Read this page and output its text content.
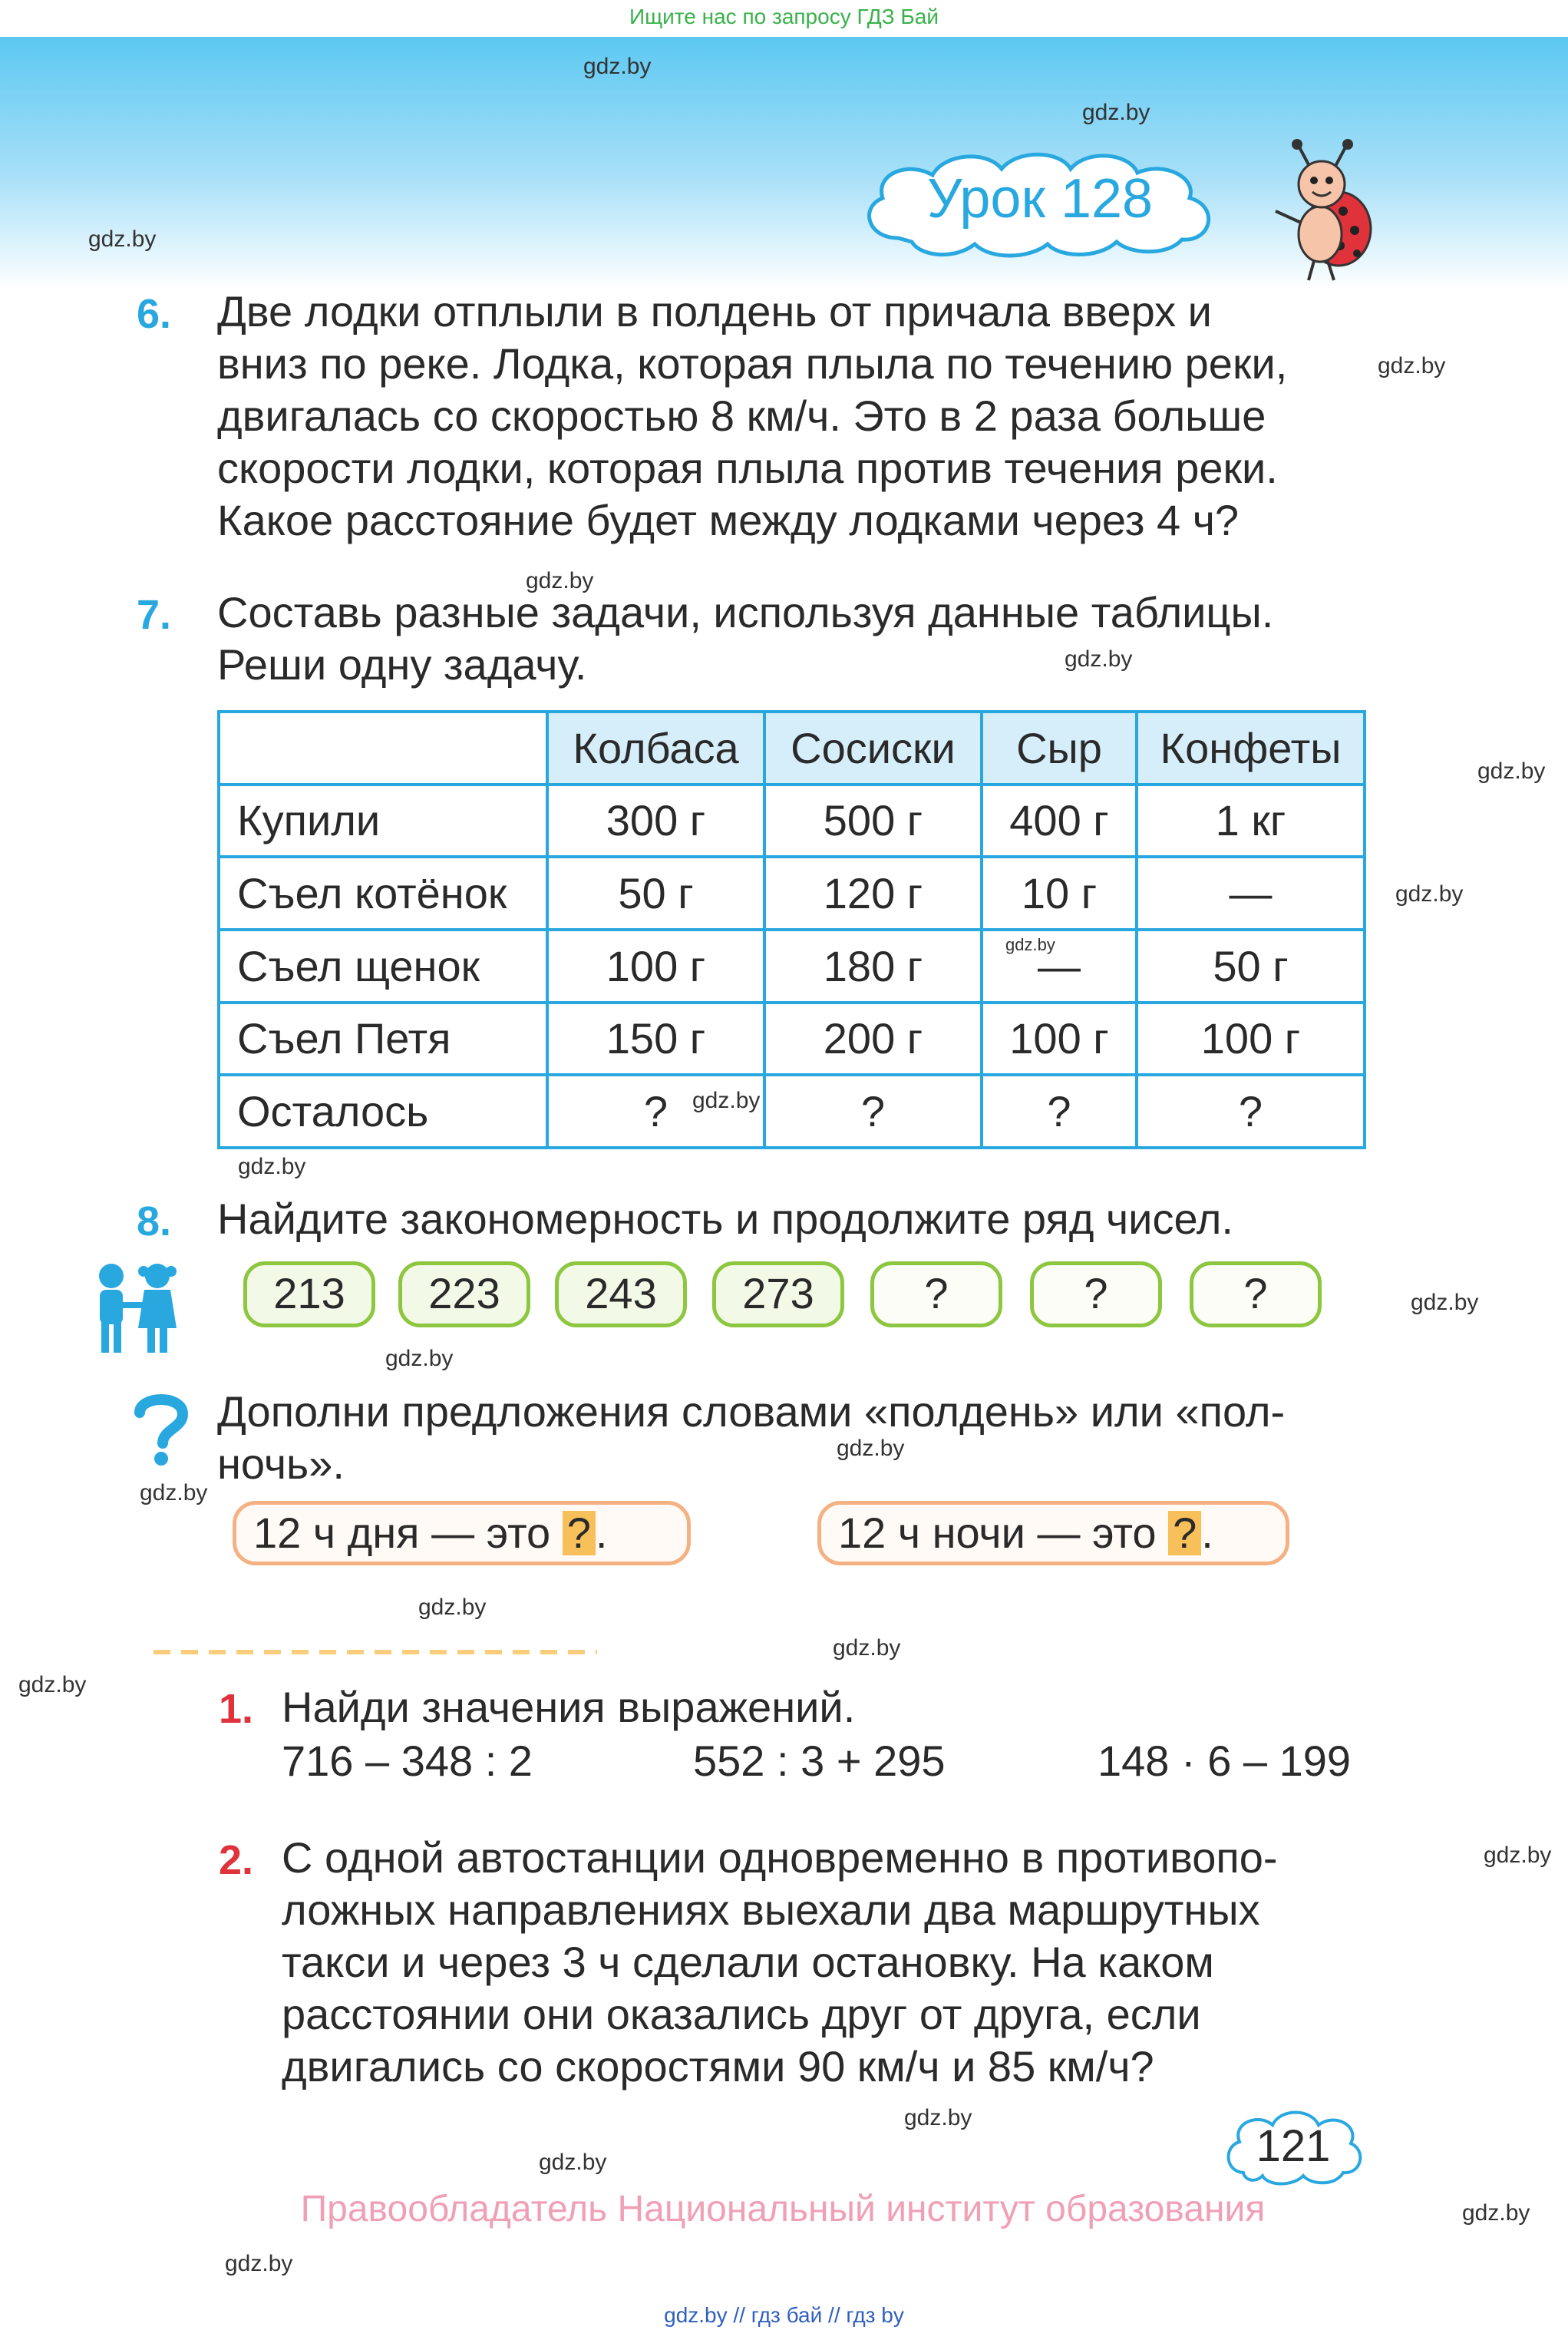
Ищите нас по запросу ГДЗ Бай
gdz.by
gdz.by
gdz.by
gdz.by
gdz.by
gdz.by
gdz.by
gdz.by
gdz.by
gdz.by
gdz.by
gdz.by
gdz.by
gdz.by
gdz.by
gdz.by
gdz.by
gdz.by
gdz.by
gdz.by
gdz.by
gdz.by
gdz.by
Урок 128
6. Две лодки отплыли в полдень от причала вверх и
вниз по реке. Лодка, которая плыла по течению реки,
двигалась со скоростью 8 км/ч. Это в 2 раза больше
скорости лодки, которая плыла против течения реки.
Какое расстояние будет между лодками через 4 ч?
7. Составь разные задачи, используя данные таблицы.
Реши одну задачу.
	Колбаса	Сосиски	Сыр	Конфеты
Купили	300 г	500 г	400 г	1 кг
Съел котёнок	50 г	120 г	10 г	—
Съел щенок	100 г	180 г	—	50 г
Съел Петя	150 г	200 г	100 г	100 г
Осталось	?	?	?	?
8. Найдите закономерность и продолжите ряд чисел.
213	223	243	273	?	?	?
Дополни предложения словами «полдень» или «пол-
ночь».
12 ч дня — это ? .	12 ч ночи — это ? .
1. Найди значения выражений.
716 – 348 : 2	552 : 3 + 295	148 · 6 – 199
2. С одной автостанции одновременно в противопо-
ложных направлениях выехали два маршрутных
такси и через 3 ч сделали остановку. На каком
расстоянии они оказались друг от друга, если
двигались со скоростями 90 км/ч и 85 км/ч?
121
Правообладатель Национальный институт образования
gdz.by // гдз бай // гдз by
